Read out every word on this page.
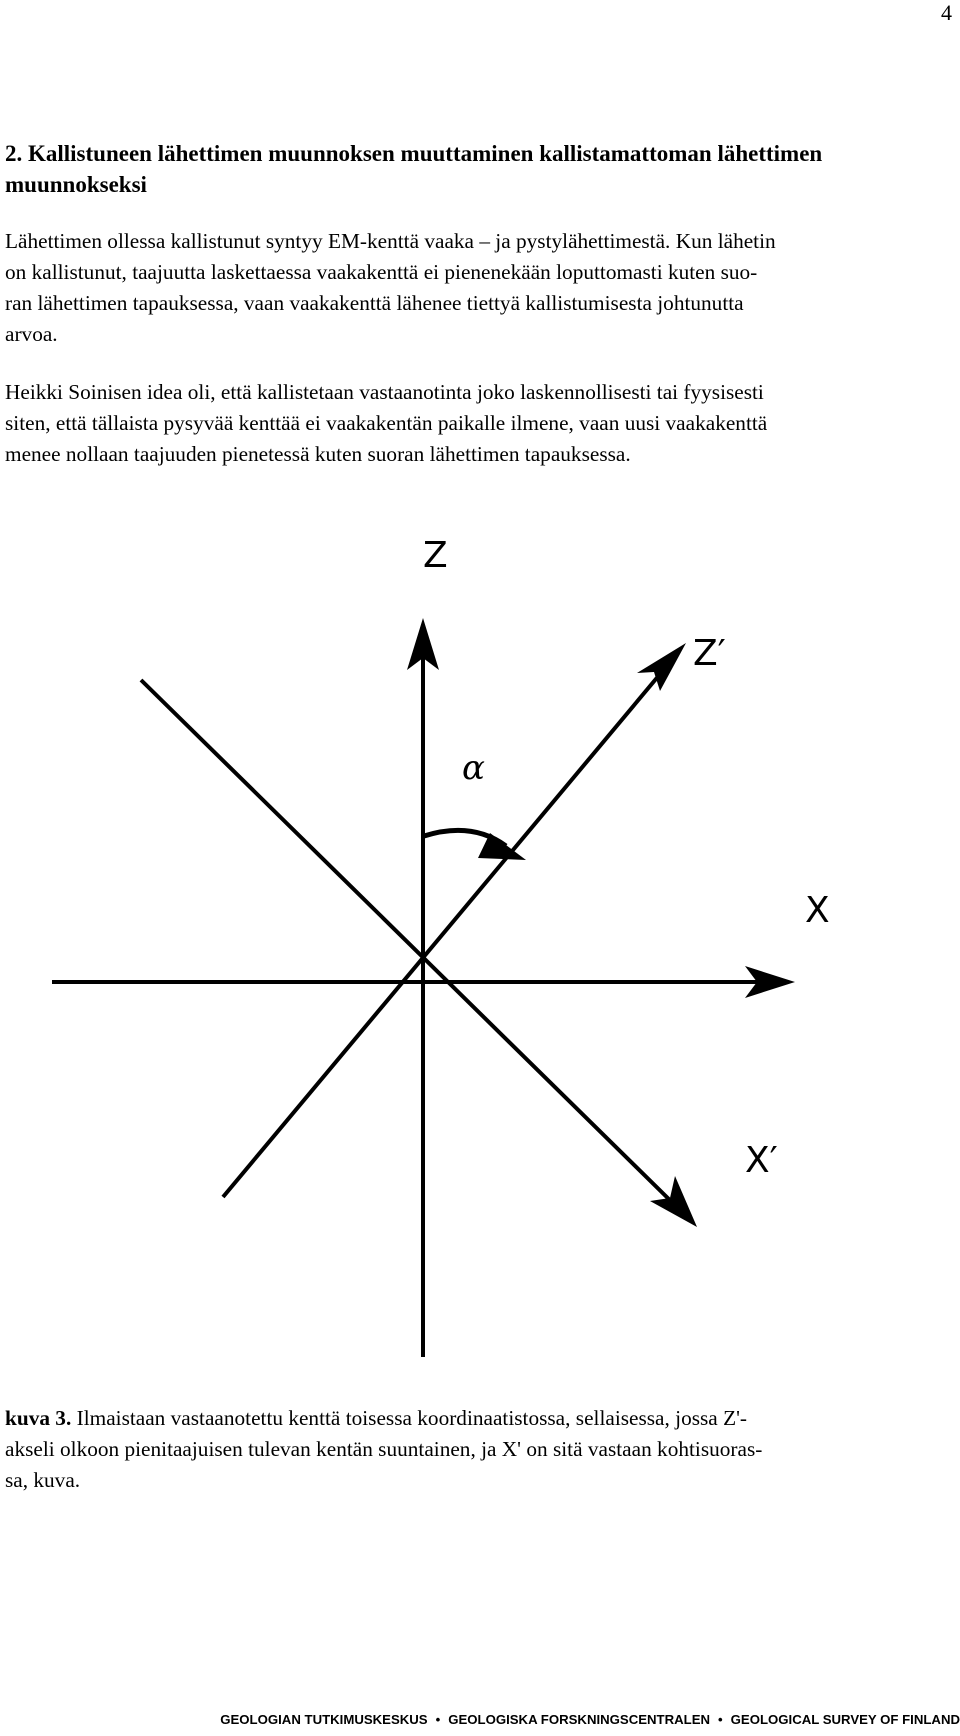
4
2. Kallistuneen lähettimen muunnoksen muuttaminen kallistamattoman lähettimen
muunnokseksi

Lähettimen ollessa kallistunut syntyy EM-kenttä vaaka – ja pystylähettimestä. Kun lähetin
on kallistunut, taajuutta laskettaessa vaakakenttä ei pienenekään loputtomasti kuten suo-
ran lähettimen tapauksessa, vaan vaakakenttä lähenee tiettyä kallistumisesta johtunutta
arvoa.

Heikki Soinisen idea oli, että kallistetaan vastaanotinta joko laskennollisesti tai fyysisesti
siten, että tällaista pysyvää kenttää ei vaakakentän paikalle ilmene, vaan uusi vaakakenttä
menee nollaan taajuuden pienetessä kuten suoran lähettimen tapauksessa.

Z
Z′
X
X′
α

kuva 3. Ilmaistaan vastaanotettu kenttä toisessa koordinaatistossa, sellaisessa, jossa Z'-
akseli olkoon pienitaajuisen tulevan kentän suuntainen, ja X' on sitä vastaan kohtisuoras-
sa, kuva.

GEOLOGIAN TUTKIMUSKESKUS • GEOLOGISKA FORSKNINGSCENTRALEN • GEOLOGICAL SURVEY OF FINLAND
